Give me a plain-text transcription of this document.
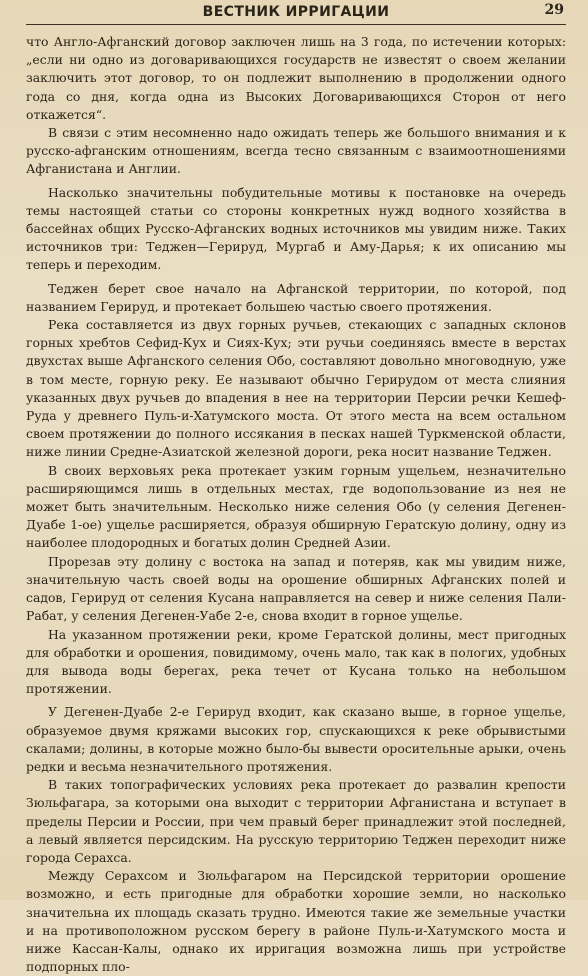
ВЕСТНИК ИРРИГАЦИИ	29

что Англо-Афганский договор заключен лишь на 3 года, по истечении которых: „если ни одно из договаривающихся государств не известят о своем желании заключить этот договор, то он подлежит выполнению в продолжении одного года со дня, когда одна из Высоких Договаривающихся Сторон от него откажется“.

В связи с этим несомненно надо ожидать теперь же большого внимания и к русско-афганским отношениям, всегда тесно связанным с взаимоотношениями Афганистана и Англии.

Насколько значительны побудительные мотивы к постановке на очередь темы настоящей статьи со стороны конкретных нужд водного хозяйства в бассейнах общих Русско-Афганских водных источников мы увидим ниже. Таких источников три: Теджен—Герируд, Мургаб и Аму-Дарья; к их описанию мы теперь и переходим.

Теджен берет свое начало на Афганской территории, по которой, под названием Герируд, и протекает большею частью своего протяжения.

Река составляется из двух горных ручьев, стекающих с западных склонов горных хребтов Сефид-Кух и Сиях-Кух; эти ручьи соединяясь вместе в верстах двухстах выше Афганского селения Обо, составляют довольно многоводную, уже в том месте, горную реку. Ее называют обычно Герирудом от места слияния указанных двух ручьев до впадения в нее на территории Персии речки Кешеф-Руда у древнего Пуль-и-Хатумского моста. От этого места на всем остальном своем протяжении до полного иссякания в песках нашей Туркменской области, ниже линии Средне-Азиатской железной дороги, река носит название Теджен.

В своих верховьях река протекает узким горным ущельем, незначительно расширяющимся лишь в отдельных местах, где водопользование из нея не может быть значительным. Несколько ниже селения Обо (у селения Дегенен-Дуабе 1-ое) ущелье расширяется, образуя обширную Гератскую долину, одну из наиболее плодородных и богатых долин Средней Азии.

Прорезав эту долину с востока на запад и потеряв, как мы увидим ниже, значительную часть своей воды на орошение обширных Афганских полей и садов, Герируд от селения Кусана направляется на север и ниже селения Пали-Рабат, у селения Дегенен-Уабе 2-е, снова входит в горное ущелье.

На указанном протяжении реки, кроме Гератской долины, мест пригодных для обработки и орошения, повидимому, очень мало, так как в пологих, удобных для вывода воды берегах, река течет от Кусана только на небольшом протяжении.

У Дегенен-Дуабе 2-е Герируд входит, как сказано выше, в горное ущелье, образуемое двумя кряжами высоких гор, спускающихся к реке обрывистыми скалами; долины, в которые можно было-бы вывести оросительные арыки, очень редки и весьма незначительного протяжения.

В таких топографических условиях река протекает до развалин крепости Зюльфагара, за которыми она выходит с территории Афганистана и вступает в пределы Персии и России, при чем правый берег принадлежит этой последней, а левый является персидским. На русскую территорию Теджен переходит ниже города Серахса.

Между Серахсом и Зюльфагаром на Персидской территории орошение возможно, и есть пригодные для обработки хорошие земли, но насколько значительна их площадь сказать трудно. Имеются такие же земельные участки и на противоположном русском берегу в районе Пуль-и-Хатумского моста и ниже Кассан-Калы, однако их ирригация возможна лишь при устройстве подпорных пло-
